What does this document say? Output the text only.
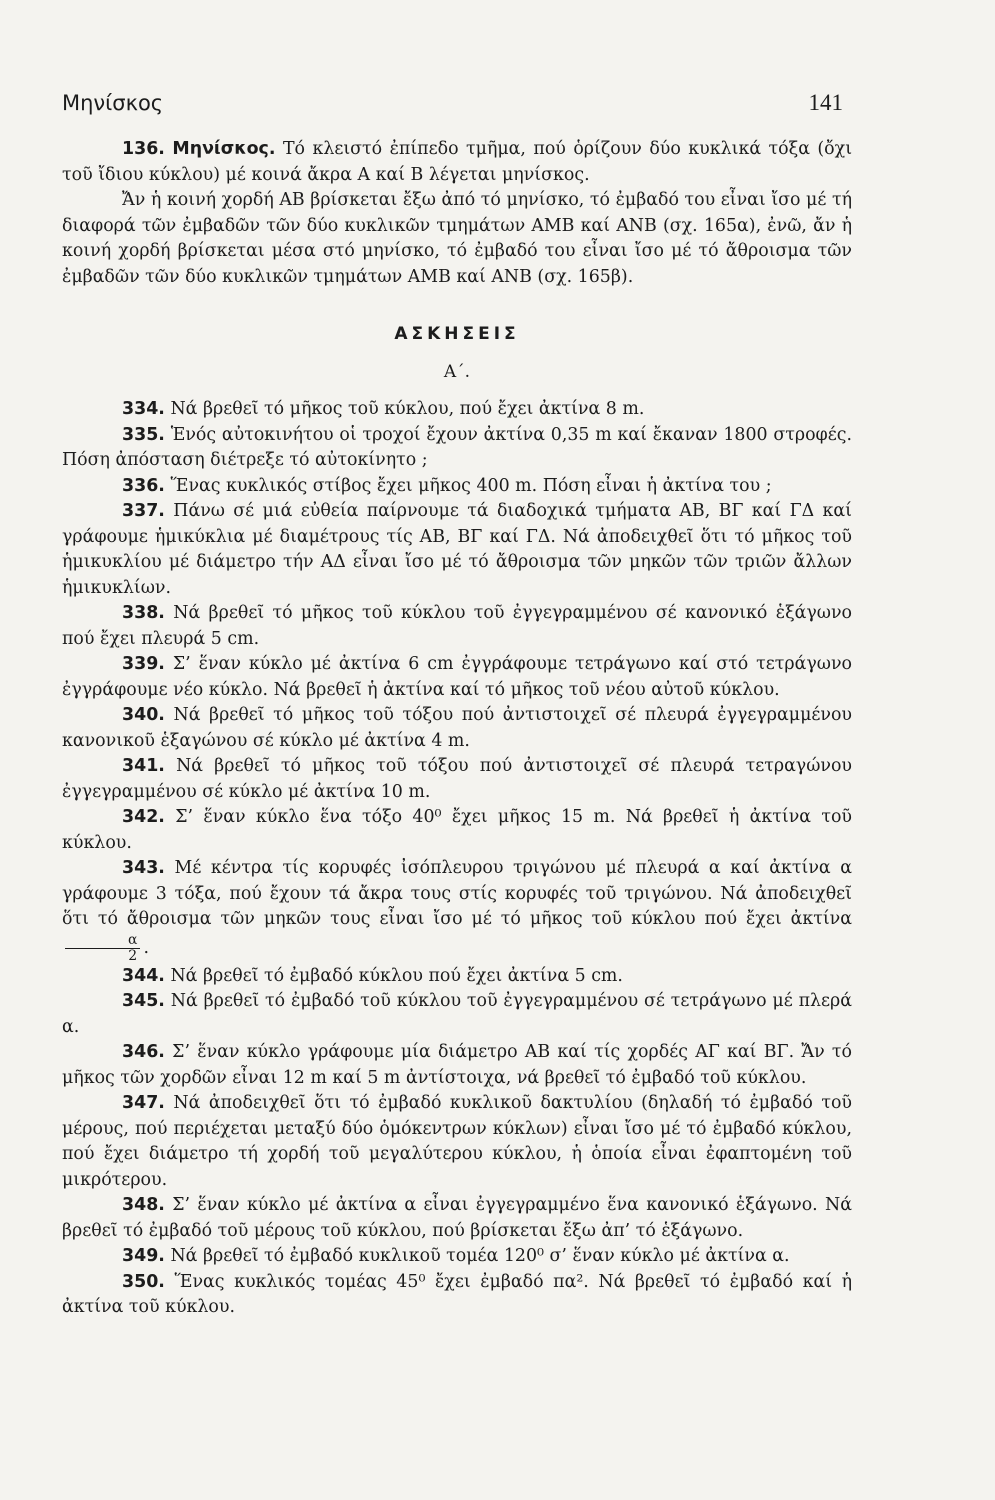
Μηνίσκος	141

136. Μηνίσκος. Τό κλειστό ἐπίπεδο τμῆμα, πού ὁρίζουν δύο κυκλικά τόξα (ὄχι τοῦ ἴδιου κύκλου) μέ κοινά ἄκρα Α καί Β λέγεται μηνίσκος.

Ἄν ἡ κοινή χορδή ΑΒ βρίσκεται ἔξω ἀπό τό μηνίσκο, τό ἐμβαδό του εἶναι ἴσο μέ τή διαφορά τῶν ἐμβαδῶν τῶν δύο κυκλικῶν τμημάτων ΑΜΒ καί ΑΝΒ (σχ. 165α), ἐνῶ, ἄν ἡ κοινή χορδή βρίσκεται μέσα στό μηνίσκο, τό ἐμβαδό του εἶναι ἴσο μέ τό ἄθροισμα τῶν ἐμβαδῶν τῶν δύο κυκλικῶν τμημάτων ΑΜΒ καί ΑΝΒ (σχ. 165β).

ΑΣΚΗΣΕΙΣ
Α΄.

334. Νά βρεθεῖ τό μῆκος τοῦ κύκλου, πού ἔχει ἀκτίνα 8 m.

335. Ἑνός αὐτοκινήτου οἱ τροχοί ἔχουν ἀκτίνα 0,35 m καί ἔκαναν 1800 στροφές. Πόση ἀπόσταση διέτρεξε τό αὐτοκίνητο ;

336. Ἕνας κυκλικός στίβος ἔχει μῆκος 400 m. Πόση εἶναι ἡ ἀκτίνα του ;

337. Πάνω σέ μιά εὐθεία παίρνουμε τά διαδοχικά τμήματα ΑΒ, ΒΓ καί ΓΔ καί γράφουμε ἡμικύκλια μέ διαμέτρους τίς ΑΒ, ΒΓ καί ΓΔ. Νά ἀποδειχθεῖ ὅτι τό μῆκος τοῦ ἡμικυκλίου μέ διάμετρο τήν ΑΔ εἶναι ἴσο μέ τό ἄθροισμα τῶν μηκῶν τῶν τριῶν ἄλλων ἡμικυκλίων.

338. Νά βρεθεῖ τό μῆκος τοῦ κύκλου τοῦ ἐγγεγραμμένου σέ κανονικό ἑξάγωνο πού ἔχει πλευρά 5 cm.

339. Σ’ ἕναν κύκλο μέ ἀκτίνα 6 cm ἐγγράφουμε τετράγωνο καί στό τετράγωνο ἐγγράφουμε νέο κύκλο. Νά βρεθεῖ ἡ ἀκτίνα καί τό μῆκος τοῦ νέου αὐτοῦ κύκλου.

340. Νά βρεθεῖ τό μῆκος τοῦ τόξου πού ἀντιστοιχεῖ σέ πλευρά ἐγγεγραμμένου κανονικοῦ ἑξαγώνου σέ κύκλο μέ ἀκτίνα 4 m.

341. Νά βρεθεῖ τό μῆκος τοῦ τόξου πού ἀντιστοιχεῖ σέ πλευρά τετραγώνου ἐγγεγραμμένου σέ κύκλο μέ ἀκτίνα 10 m.

342. Σ’ ἕναν κύκλο ἕνα τόξο 40⁰ ἔχει μῆκος 15 m. Νά βρεθεῖ ἡ ἀκτίνα τοῦ κύκλου.

343. Μέ κέντρα τίς κορυφές ἰσόπλευρου τριγώνου μέ πλευρά α καί ἀκτίνα α γράφουμε 3 τόξα, πού ἔχουν τά ἄκρα τους στίς κορυφές τοῦ τριγώνου. Νά ἀποδειχθεῖ ὅτι τό ἄθροισμα τῶν μηκῶν τους εἶναι ἴσο μέ τό μῆκος τοῦ κύκλου πού ἔχει ἀκτίνα
$\frac{\alpha}{2}$ .

344. Νά βρεθεῖ τό ἐμβαδό κύκλου πού ἔχει ἀκτίνα 5 cm.

345. Νά βρεθεῖ τό ἐμβαδό τοῦ κύκλου τοῦ ἐγγεγραμμένου σέ τετράγωνο μέ πλερά α.

346. Σ’ ἕναν κύκλο γράφουμε μία διάμετρο ΑΒ καί τίς χορδές ΑΓ καί ΒΓ. Ἄν τό μῆκος τῶν χορδῶν εἶναι 12 m καί 5 m ἀντίστοιχα, νά βρεθεῖ τό ἐμβαδό τοῦ κύκλου.

347. Νά ἀποδειχθεῖ ὅτι τό ἐμβαδό κυκλικοῦ δακτυλίου (δηλαδή τό ἐμβαδό τοῦ μέρους, πού περιέχεται μεταξύ δύο ὁμόκεντρων κύκλων) εἶναι ἴσο μέ τό ἐμβαδό κύκλου, πού ἔχει διάμετρο τή χορδή τοῦ μεγαλύτερου κύκλου, ἡ ὁποία εἶναι ἐφαπτομένη τοῦ μικρότερου.

348. Σ’ ἕναν κύκλο μέ ἀκτίνα α εἶναι ἐγγεγραμμένο ἕνα κανονικό ἑξάγωνο. Νά βρεθεῖ τό ἐμβαδό τοῦ μέρους τοῦ κύκλου, πού βρίσκεται ἔξω ἀπ’ τό ἑξάγωνο.

349. Νά βρεθεῖ τό ἐμβαδό κυκλικοῦ τομέα 120⁰ σ’ ἕναν κύκλο μέ ἀκτίνα α.

350. Ἕνας κυκλικός τομέας 45⁰ ἔχει ἐμβαδό πα². Νά βρεθεῖ τό ἐμβαδό καί ἡ ἀκτίνα τοῦ κύκλου.
